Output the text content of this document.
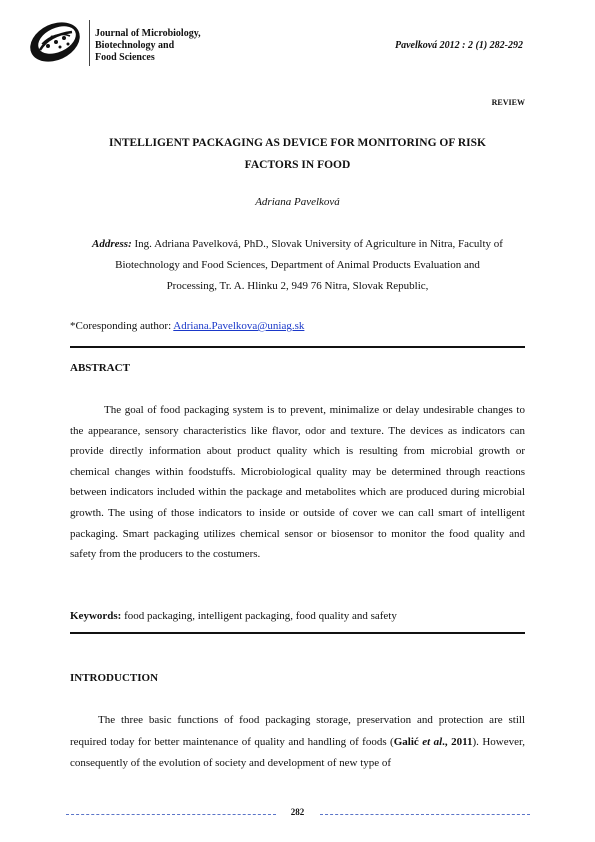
Journal of Microbiology,
Biotechnology and
Food Sciences
Pavelková 2012 : 2 (1) 282-292
REVIEW
INTELLIGENT PACKAGING AS DEVICE FOR MONITORING OF RISK
FACTORS IN FOOD
Adriana Pavelková
Address: Ing. Adriana Pavelková, PhD., Slovak University of Agriculture in Nitra, Faculty of
Biotechnology and Food Sciences, Department of Animal Products Evaluation and
Processing, Tr. A. Hlinku 2, 949 76 Nitra, Slovak Republic,
*Coresponding author: Adriana.Pavelkova@uniag.sk
ABSTRACT
The goal of food packaging system is to prevent, minimalize or delay undesirable changes to the appearance, sensory characteristics like flavor, odor and texture. The devices as indicators can provide directly information about product quality which is resulting from microbial growth or chemical changes within foodstuffs. Microbiological quality may be determined through reactions between indicators included within the package and metabolites which are produced during microbial growth. The using of those indicators to inside or outside of cover we can call smart of intelligent packaging. Smart packaging utilizes chemical sensor or biosensor to monitor the food quality and safety from the producers to the costumers.
Keywords: food packaging, intelligent packaging, food quality and safety
INTRODUCTION
The three basic functions of food packaging storage, preservation and protection are still required today for better maintenance of quality and handling of foods (Galić et al., 2011). However, consequently of the evolution of society and development of new type of
282
